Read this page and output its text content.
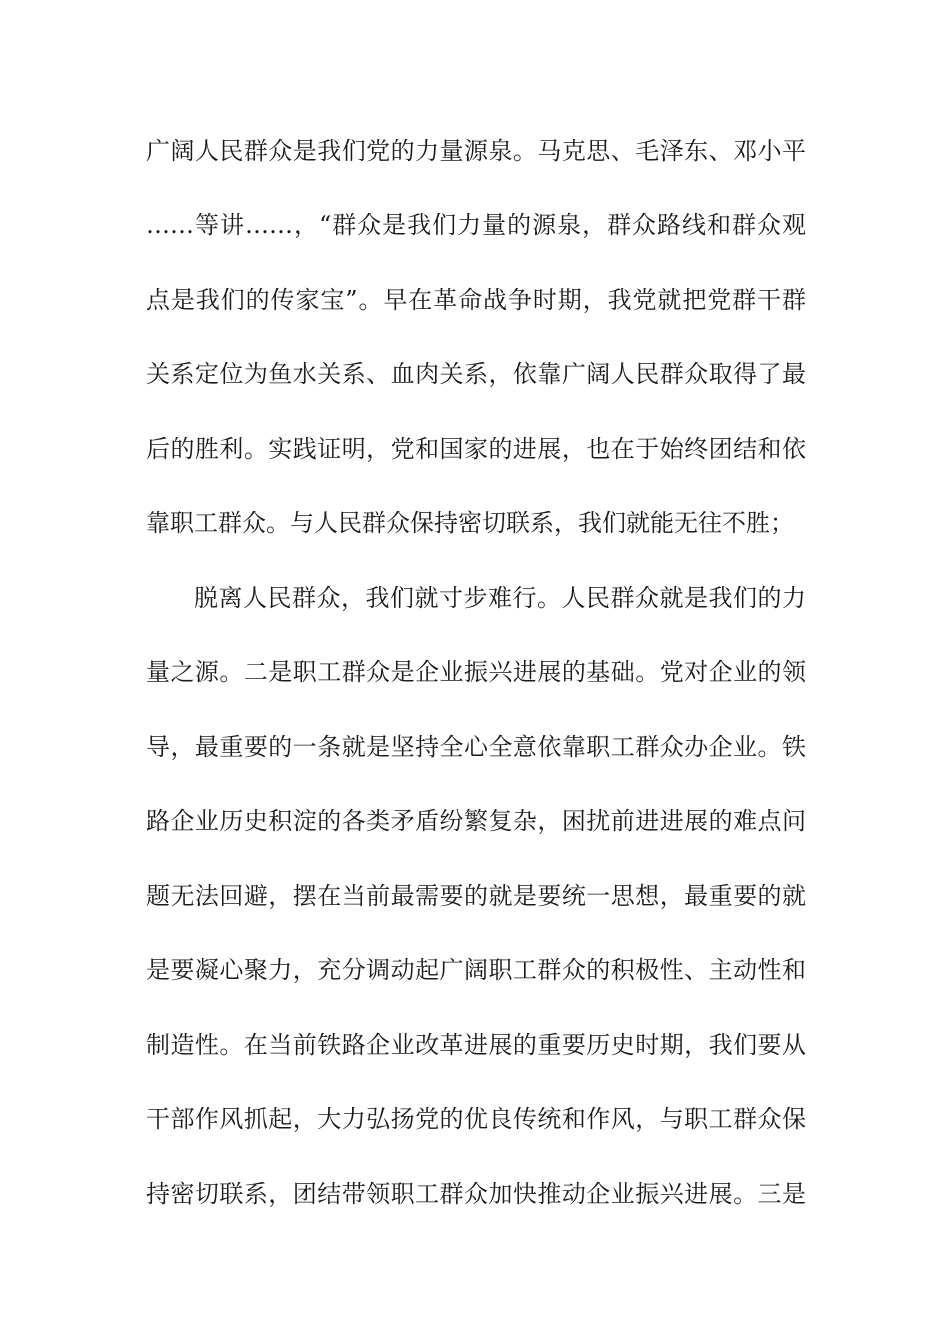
广阔人民群众是我们党的力量源泉。马克思、毛泽东、邓小平
……等讲……，“群众是我们力量的源泉，群众路线和群众观
点是我们的传家宝”。早在革命战争时期，我党就把党群干群
关系定位为鱼水关系、血肉关系，依靠广阔人民群众取得了最
后的胜利。实践证明，党和国家的进展，也在于始终团结和依
靠职工群众。与人民群众保持密切联系，我们就能无往不胜；
脱离人民群众，我们就寸步难行。人民群众就是我们的力
量之源。二是职工群众是企业振兴进展的基础。党对企业的领
导，最重要的一条就是坚持全心全意依靠职工群众办企业。铁
路企业历史积淀的各类矛盾纷繁复杂，困扰前进进展的难点问
题无法回避，摆在当前最需要的就是要统一思想，最重要的就
是要凝心聚力，充分调动起广阔职工群众的积极性、主动性和
制造性。在当前铁路企业改革进展的重要历史时期，我们要从
干部作风抓起，大力弘扬党的优良传统和作风，与职工群众保
持密切联系，团结带领职工群众加快推动企业振兴进展。三是
